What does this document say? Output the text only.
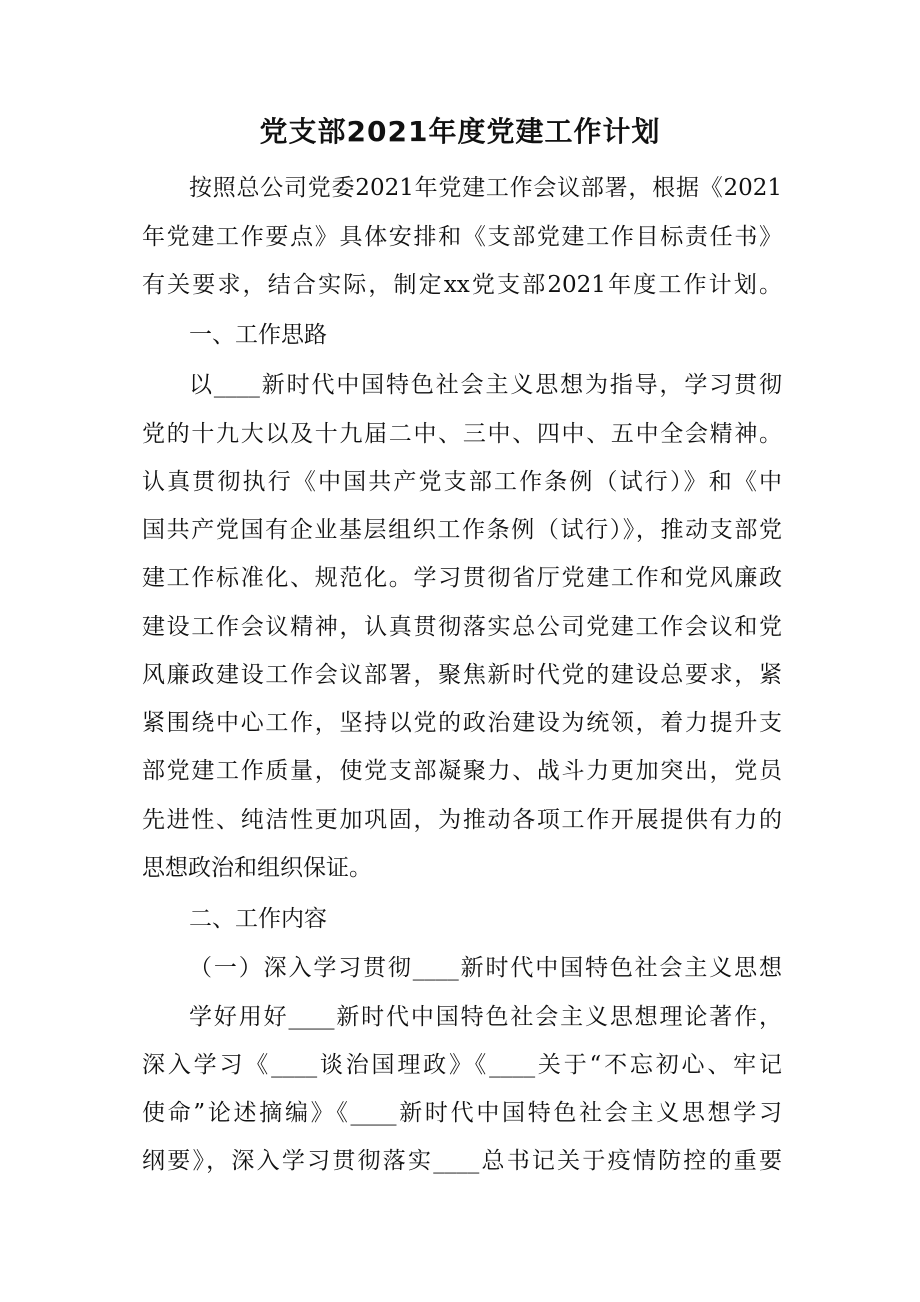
党支部2021年度党建工作计划
按照总公司党委2021年党建工作会议部署，根据《2021
年党建工作要点》具体安排和《支部党建工作目标责任书》
有关要求，结合实际，制定xx党支部2021年度工作计划。
一、工作思路
以____新时代中国特色社会主义思想为指导，学习贯彻
党的十九大以及十九届二中、三中、四中、五中全会精神。
认真贯彻执行《中国共产党支部工作条例（试行）》和《中
国共产党国有企业基层组织工作条例（试行）》，推动支部党
建工作标准化、规范化。学习贯彻省厅党建工作和党风廉政
建设工作会议精神，认真贯彻落实总公司党建工作会议和党
风廉政建设工作会议部署，聚焦新时代党的建设总要求，紧
紧围绕中心工作，坚持以党的政治建设为统领，着力提升支
部党建工作质量，使党支部凝聚力、战斗力更加突出，党员
先进性、纯洁性更加巩固，为推动各项工作开展提供有力的
思想政治和组织保证。
二、工作内容
（一）深入学习贯彻____新时代中国特色社会主义思想
学好用好____新时代中国特色社会主义思想理论著作，
深入学习《____谈治国理政》《____关于“不忘初心、牢记
使命”论述摘编》《____新时代中国特色社会主义思想学习
纲要》，深入学习贯彻落实____总书记关于疫情防控的重要
